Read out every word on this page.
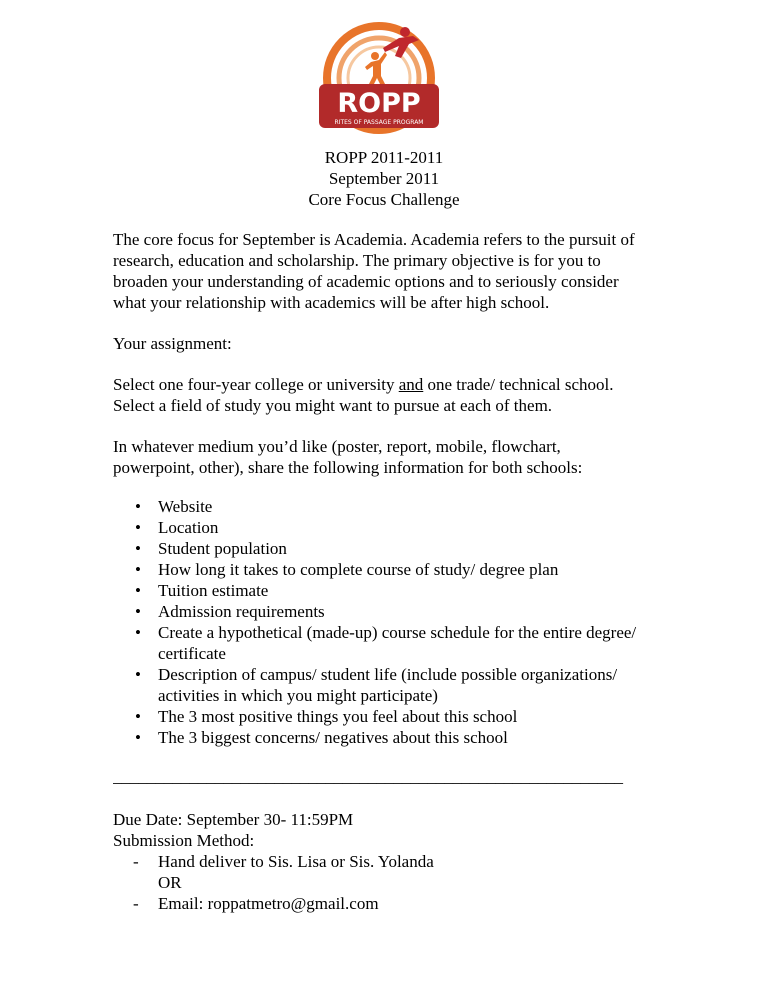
ROPP
RITES OF PASSAGE PROGRAM
ROPP 2011-2011
September 2011
Core Focus Challenge

The core focus for September is Academia. Academia refers to the pursuit of
research, education and scholarship. The primary objective is for you to
broaden your understanding of academic options and to seriously consider
what your relationship with academics will be after high school.

Your assignment:

Select one four-year college or university and one trade/ technical school.
Select a field of study you might want to pursue at each of them.

In whatever medium you’d like (poster, report, mobile, flowchart,
powerpoint, other), share the following information for both schools:

• Website
• Location
• Student population
• How long it takes to complete course of study/ degree plan
• Tuition estimate
• Admission requirements
• Create a hypothetical (made-up) course schedule for the entire degree/
certificate
• Description of campus/ student life (include possible organizations/
activities in which you might participate)
• The 3 most positive things you feel about this school
• The 3 biggest concerns/ negatives about this school
____________________________________________________________

Due Date: September 30- 11:59PM

Submission Method:

- Hand deliver to Sis. Lisa or Sis. Yolanda
OR
- Email: roppatmetro@gmail.com
